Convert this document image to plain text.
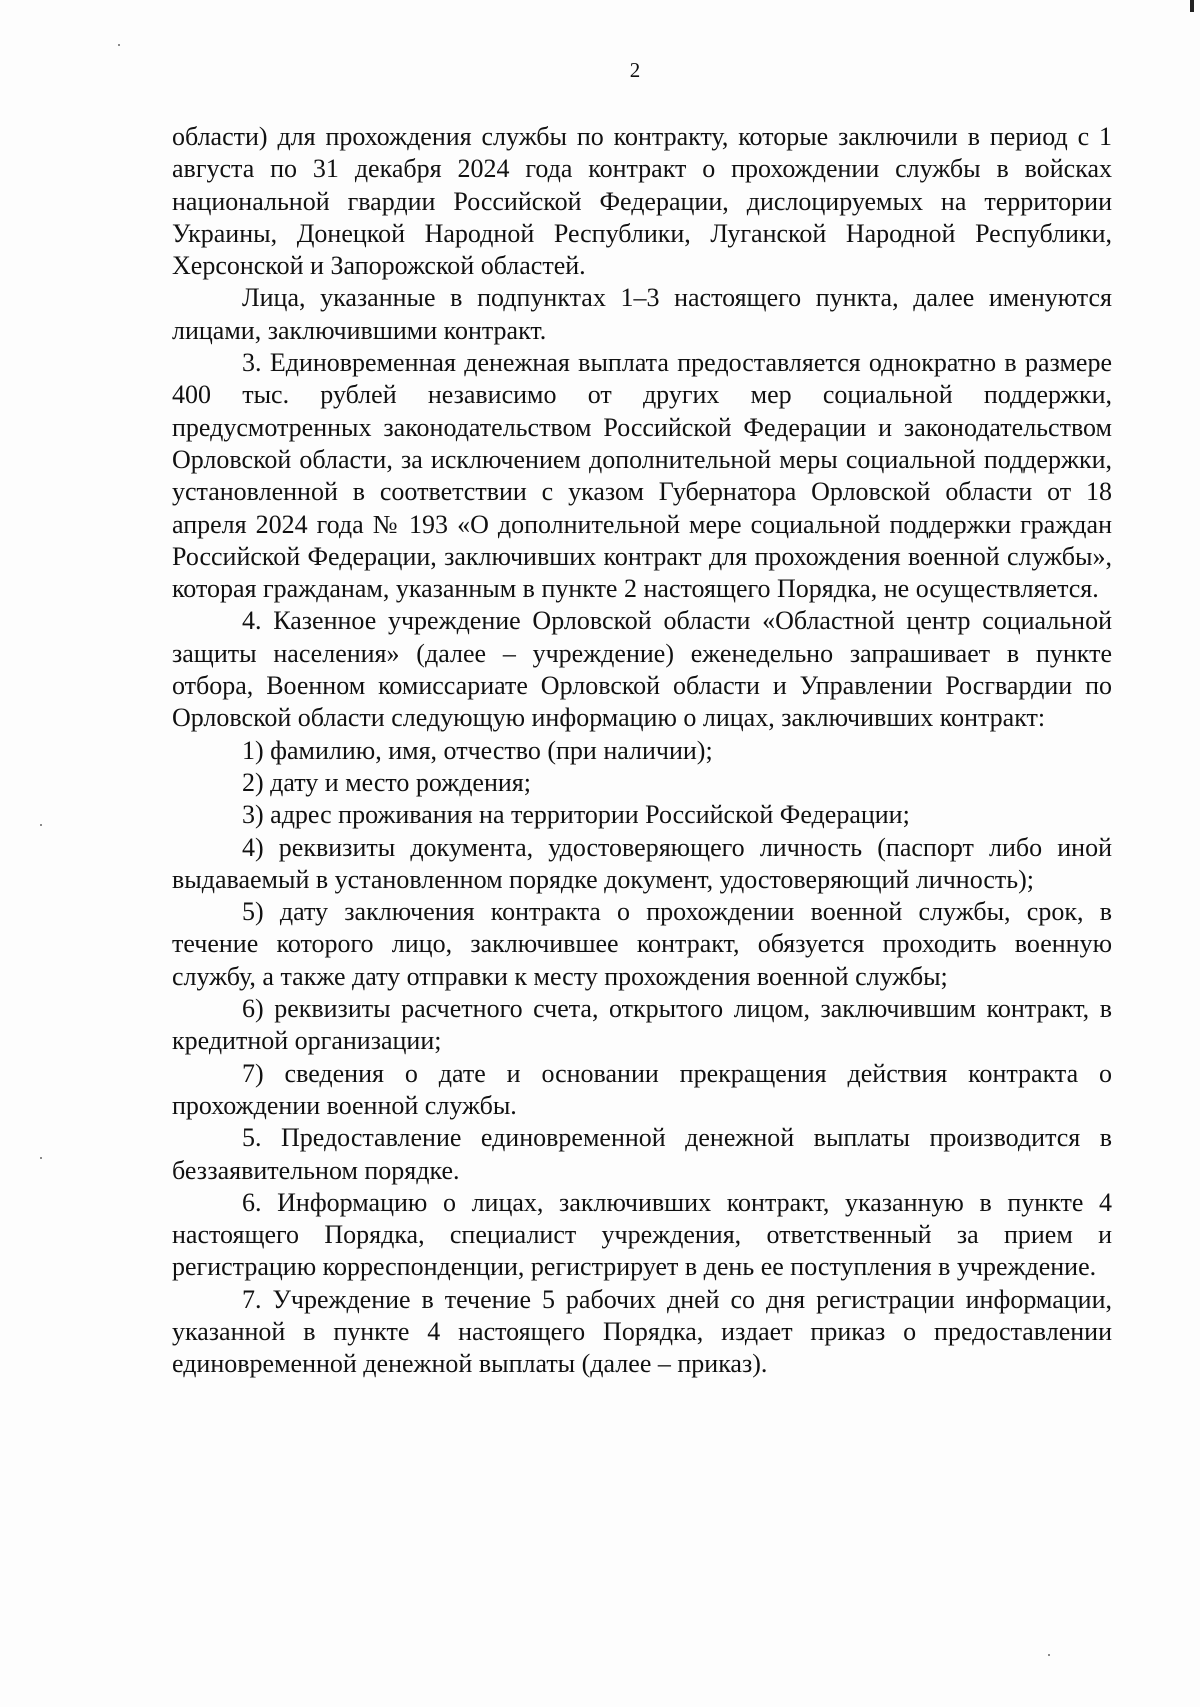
2

области) для прохождения службы по контракту, которые заключили в период с 1 августа по 31 декабря 2024 года контракт о прохождении службы в войсках национальной гвардии Российской Федерации, дислоцируемых на территории Украины, Донецкой Народной Республики, Луганской Народной Республики, Херсонской и Запорожской областей.

Лица, указанные в подпунктах 1–3 настоящего пункта, далее именуются лицами, заключившими контракт.

3. Единовременная денежная выплата предоставляется однократно в размере 400 тыс. рублей независимо от других мер социальной поддержки, предусмотренных законодательством Российской Федерации и законодательством Орловской области, за исключением дополнительной меры социальной поддержки, установленной в соответствии с указом Губернатора Орловской области от 18 апреля 2024 года № 193 «О дополнительной мере социальной поддержки граждан Российской Федерации, заключивших контракт для прохождения военной службы», которая гражданам, указанным в пункте 2 настоящего Порядка, не осуществляется.

4. Казенное учреждение Орловской области «Областной центр социальной защиты населения» (далее – учреждение) еженедельно запрашивает в пункте отбора, Военном комиссариате Орловской области и Управлении Росгвардии по Орловской области следующую информацию о лицах, заключивших контракт:

1) фамилию, имя, отчество (при наличии);

2) дату и место рождения;

3) адрес проживания на территории Российской Федерации;

4) реквизиты документа, удостоверяющего личность (паспорт либо иной выдаваемый в установленном порядке документ, удостоверяющий личность);

5) дату заключения контракта о прохождении военной службы, срок, в течение которого лицо, заключившее контракт, обязуется проходить военную службу, а также дату отправки к месту прохождения военной службы;

6) реквизиты расчетного счета, открытого лицом, заключившим контракт, в кредитной организации;

7) сведения о дате и основании прекращения действия контракта о прохождении военной службы.

5. Предоставление единовременной денежной выплаты производится в беззаявительном порядке.

6. Информацию о лицах, заключивших контракт, указанную в пункте 4 настоящего Порядка, специалист учреждения, ответственный за прием и регистрацию корреспонденции, регистрирует в день ее поступления в учреждение.

7. Учреждение в течение 5 рабочих дней со дня регистрации информации, указанной в пункте 4 настоящего Порядка, издает приказ о предоставлении единовременной денежной выплаты (далее – приказ).
